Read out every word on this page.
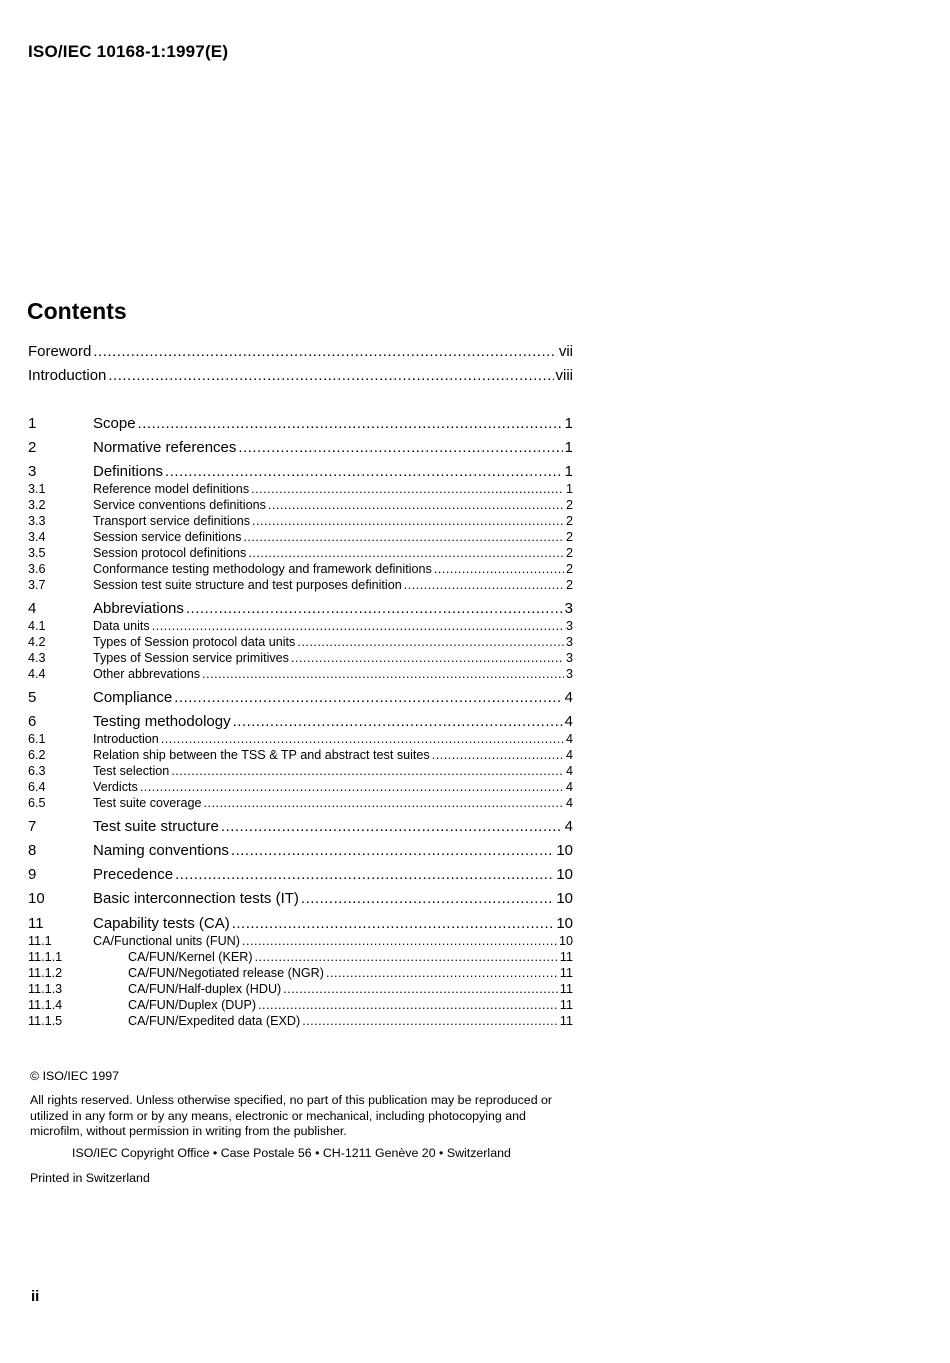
ISO/IEC 10168-1:1997(E)
Contents
Foreword .....	vii
Introduction .....	viii
1	Scope .....	1
2	Normative references .....	1
3	Definitions .....	1
3.1	Reference model definitions .....	1
3.2	Service conventions definitions .....	2
3.3	Transport service definitions .....	2
3.4	Session service definitions .....	2
3.5	Session protocol definitions .....	2
3.6	Conformance testing methodology and framework definitions .....	2
3.7	Session test suite structure and test purposes definition .....	2
4	Abbreviations .....	3
4.1	Data units .....	3
4.2	Types of Session protocol data units .....	3
4.3	Types of Session service primitives .....	3
4.4	Other abbrevations .....	3
5	Compliance .....	4
6	Testing methodology .....	4
6.1	Introduction .....	4
6.2	Relation ship between the TSS & TP and abstract test suites .....	4
6.3	Test selection .....	4
6.4	Verdicts .....	4
6.5	Test suite coverage .....	4
7	Test suite structure .....	4
8	Naming conventions .....	10
9	Precedence .....	10
10	Basic interconnection tests (IT) .....	10
11	Capability tests (CA) .....	10
11.1	CA/Functional units (FUN) .....	10
11.1.1	CA/FUN/Kernel (KER) .....	11
11.1.2	CA/FUN/Negotiated release (NGR) .....	11
11.1.3	CA/FUN/Half-duplex (HDU) .....	11
11.1.4	CA/FUN/Duplex (DUP) .....	11
11.1.5	CA/FUN/Expedited data (EXD) .....	11
© ISO/IEC 1997
All rights reserved. Unless otherwise specified, no part of this publication may be reproduced or utilized in any form or by any means, electronic or mechanical, including photocopying and microfilm, without permission in writing from the publisher.
ISO/IEC Copyright Office • Case Postale 56 • CH-1211 Genève 20 • Switzerland
Printed in Switzerland
ii
